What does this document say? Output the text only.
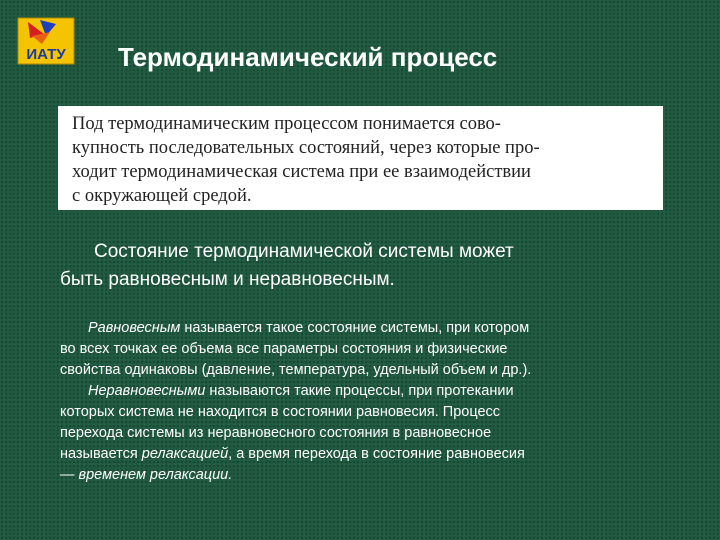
ИАТУ Термодинамический процесс
Под термодинамическим процессом понимается сово-
купность последовательных состояний, через которые про-
ходит термодинамическая система при ее взаимодействии
с окружающей средой.
Состояние термодинамической системы может
быть равновесным и неравновесным.
Равновесным называется такое состояние системы, при котором
во всех точках ее объема все параметры состояния и физические
свойства одинаковы (давление, температура, удельный объем и др.).
Неравновесными называются такие процессы, при протекании
которых система не находится в состоянии равновесия. Процесс
перехода системы из неравновесного состояния в равновесное
называется релаксацией, а время перехода в состояние равновесия
— временем релаксации.
